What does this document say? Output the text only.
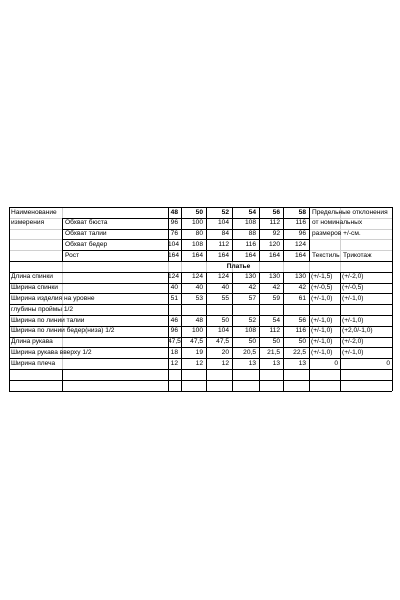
Наименование	48	50	52	54	56	58 Предельные отклонения
измерения	Обхват бюста	96	100	104	108	112	116 от номинальных
Обхват талии	76	80	84	88	92	96 размеров +/-см.
Обхват бедер	104	108	112	116	120	124
Рост	164	164	164	164	164	164 Текстиль Трикотаж
Платье
Длина спинки	124	124	124	130	130	130 (+/-1,5)	(+/-2,0)
Ширина спинки	40	40	40	42	42	42 (+/-0,5)	(+/-0,5)
Ширина изделия на уровне	51	53	55	57	59	61 (+/-1,0)	(+/-1,0)
глубины проймы 1/2
Ширина по линии талии	46	48	50	52	54	56 (+/-1,0)	(+/-1,0)
Ширина по линии бедер(низа) 1/2	96	100	104	108	112	116 (+/-1,0)	(+2,0/-1,0)
Длина рукава	47,5	47,5	47,5	50	50	50 (+/-1,0)	(+/-2,0)
Ширина рукава вверху 1/2	18	19	20	20,5	21,5	22,5 (+/-1,0)	(+/-1,0)
Ширина плеча	12	12	12	13	13	13	0	0
